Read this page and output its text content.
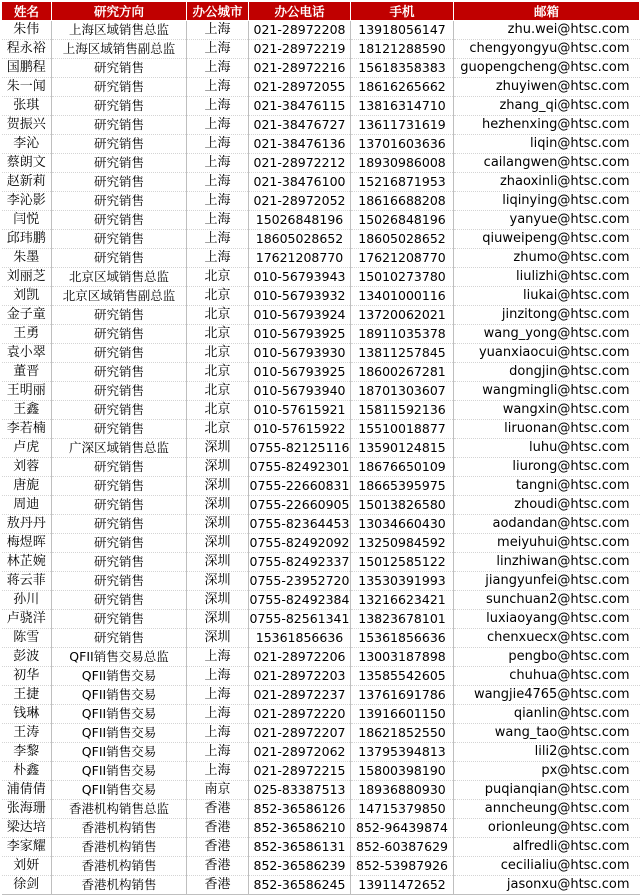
姓名	研究方向	办公城市	办公电话	手机	邮箱
朱伟	上海区域销售总监	上海	021-28972208	13918056147	zhu.wei@htsc.com
程永裕	上海区域销售副总监	上海	021-28972219	18121288590	chengyongyu@htsc.com
国鹏程	研究销售	上海	021-28972216	15618358383	guopengcheng@htsc.com
朱一闻	研究销售	上海	021-28972055	18616265662	zhuyiwen@htsc.com
张琪	研究销售	上海	021-38476115	13816314710	zhang_qi@htsc.com
贺振兴	研究销售	上海	021-38476727	13611731619	hezhenxing@htsc.com
李沁	研究销售	上海	021-38476136	13701603636	liqin@htsc.com
蔡朗文	研究销售	上海	021-28972212	18930986008	cailangwen@htsc.com
赵新莉	研究销售	上海	021-38476100	15216871953	zhaoxinli@htsc.com
李沁影	研究销售	上海	021-28972052	18616688208	liqinying@htsc.com
闫悦	研究销售	上海	15026848196	15026848196	yanyue@htsc.com
邱玮鹏	研究销售	上海	18605028652	18605028652	qiuweipeng@htsc.com
朱墨	研究销售	上海	17621208770	17621208770	zhumo@htsc.com
刘丽芝	北京区域销售总监	北京	010-56793943	15010273780	liulizhi@htsc.com
刘凯	北京区域销售副总监	北京	010-56793932	13401000116	liukai@htsc.com
金子童	研究销售	北京	010-56793924	13720062021	jinzitong@htsc.com
王勇	研究销售	北京	010-56793925	18911035378	wang_yong@htsc.com
袁小翠	研究销售	北京	010-56793930	13811257845	yuanxiaocui@htsc.com
董晋	研究销售	北京	010-56793925	18600267281	dongjin@htsc.com
王明丽	研究销售	北京	010-56793940	18701303607	wangmingli@htsc.com
王鑫	研究销售	北京	010-57615921	15811592136	wangxin@htsc.com
李若楠	研究销售	北京	010-57615922	15510018877	liruonan@htsc.com
卢虎	广深区域销售总监	深圳	0755-82125116	13590124815	luhu@htsc.com
刘蓉	研究销售	深圳	0755-82492301	18676650109	liurong@htsc.com
唐旎	研究销售	深圳	0755-22660831	18665395975	tangni@htsc.com
周迪	研究销售	深圳	0755-22660905	15013826580	zhoudi@htsc.com
敖丹丹	研究销售	深圳	0755-82364453	13034660430	aodandan@htsc.com
梅煜晖	研究销售	深圳	0755-82492092	13250984592	meiyuhui@htsc.com
林芷婉	研究销售	深圳	0755-82492337	15012585122	linzhiwan@htsc.com
蒋云菲	研究销售	深圳	0755-23952720	13530391993	jiangyunfei@htsc.com
孙川	研究销售	深圳	0755-82492384	13216623421	sunchuan2@htsc.com
卢骁洋	研究销售	深圳	0755-82561341	13823678101	luxiaoyang@htsc.com
陈雪	研究销售	深圳	15361856636	15361856636	chenxuecx@htsc.com
彭波	QFII销售交易总监	上海	021-28972206	13003187898	pengbo@htsc.com
初华	QFII销售交易	上海	021-28972203	13585542605	chuhua@htsc.com
王捷	QFII销售交易	上海	021-28972237	13761691786	wangjie4765@htsc.com
钱琳	QFII销售交易	上海	021-28972220	13916601150	qianlin@htsc.com
王涛	QFII销售交易	上海	021-28972207	18621852550	wang_tao@htsc.com
李黎	QFII销售交易	上海	021-28972062	13795394813	lili2@htsc.com
朴鑫	QFII销售交易	上海	021-28972215	15800398190	px@htsc.com
浦倩倩	QFII销售交易	南京	025-83387513	18936880930	puqianqian@htsc.com
张海珊	香港机构销售总监	香港	852-36586126	14715379850	anncheung@htsc.com
梁达培	香港机构销售	香港	852-36586210	852-96439874	orionleung@htsc.com
李家耀	香港机构销售	香港	852-36586131	852-60387629	alfredli@htsc.com
刘妍	香港机构销售	香港	852-36586239	852-53987926	cecilialiu@htsc.com
徐剑	香港机构销售	香港	852-36586245	13911472652	jasonxu@htsc.com
